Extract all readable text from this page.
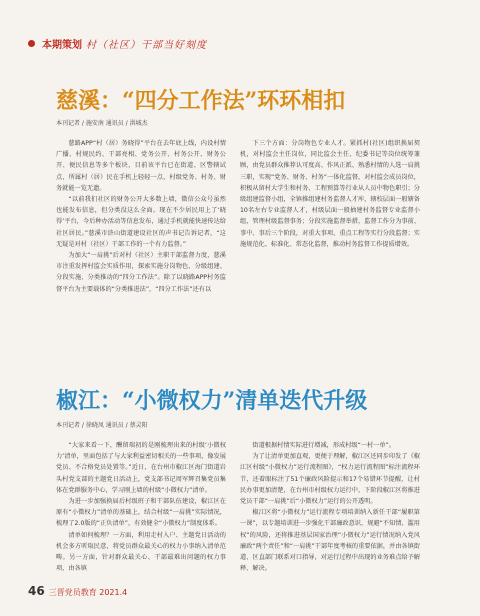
本期策划 村（社区）干部当好刻度
慈溪：“四分工作法”环环相扣
本刊记者 / 施安南 通讯员 / 洪城杰

慈路APP“村（居）务晓得”平台在去年底上线，内设村情广播、村规民约、干部亮相、党务公开、村务公开、财务公开、便民信息等多个板块，目前该平台已在街道、区警辖试点，所属村（居）民在手机上轻轻一点，村级党务、村务、财务就能一览无遗。

“以前我们社区的财务公开大多数上墙，微信公众号虽然也能发布信息，但分类没这么全面。现在不少居民用上了‘晓得’平台，今后种办活动等信息发布，通过手机就能快速传达给社区居民。”慈溪市浒山街道建设社区的声书记告诉记者，“这无疑是对村（社区）干部工作的一个有力监督。”

为加大“一肩挑”后对村（社区）主职干部监督力度，慈溪市注重发挥村监会实质作用，探索实施分岗物色、分级组建、分段实施、分类推动的“四分工作法”。除了以晓路APP村务监督平台为主要载体的“分类推进法”，“四分工作法”还有以

下三个方面：分岗物色专业人才。紧抓村(社区)组织换届契机，对村监会主任岗位，同比监会主任、纪委书记等岗位统筹兼顾，由党员群众推荐认可度高、作风正派、熟悉村情的人选一肩挑三职，实现“党务、财务、村务”一体化监督，对村监会成员岗位，积极从留村大学生和村务、工程预算等行业从人员中物色职引；分级组建监督小组，全镇推组建村务监督人才库，辖校层面一般辖备10名左右专业监督人才，村级层面一般抽建村务监督专业监督小组，管理村级监督事务；分段实施监督举措，监督工作分为事前、事中、事后三个阶段，对重大事项、重点工程等实行分段监督；实施规范化、标准化、常态化监督，推动村务监督工作提质增效。

椒江：“小微权力”清单迭代升级
本刊记者 / 徐晓凤 通讯员 / 蔡灵阳

“大家来看一下，酬留瑞初的是刚梳理出来的村级‘小微权力’清单，里面包括了与大家利益密切相关的一些事项，像发展党员、不合格党员处置等。”近日，在台州市椒江区海门街道岩头村党支部的主题党日活动上，党支部书记周军辉召集党员集体在党群服务中心，学习刚上墙的村级“小微权力”清单。

为进一步加强换届后村级班子和干部队伍建设，椒江区在原有“小微权力”清单的基础上，结合村级“一肩挑”实际情况，梳理了2.0版的“正负清单”，有效健全“小微权力”制度体系。

清单如何梳理？一方面，利用走村入户、主题党日活动的机会多方听取民意，将党员群众最关心的权力小事纳入清单范畴。另一方面，针对群众最关心、干部最难出问题的权力事项，由各镇

街道根据村情实际进行增减，形成村级“一村一单”。

为了让清单更加直观，更便于理解，椒江区还同步印发了《椒江区村级“小微权力”运行流程图》，“权力运行流程图”标注流程环节，还着眼标注了51个廉政风险提示和17个易错环节提醒，让村民办事更加清楚，在台州市村级权力运行中，下阶段椒江区将推进党员干部“一肩挑”后“小微权力”运行的公开透明。

椒江区将“小微权力”运行流程专项培训纳入新任干部“履职第一课”，以专题培训进一步强化干部廉政意识，规避“不知情、滥用权”的风险，还将推进基层国家治理“小微权力”运行情况纳入党风廉政“两个责任”和“一肩挑”干部年度考核的重要依据，并由各镇街道、区直部门联系对口指导，对运行过程中出现的业务难点给予解释、解决。

46 三晋党员教育 2021.4
